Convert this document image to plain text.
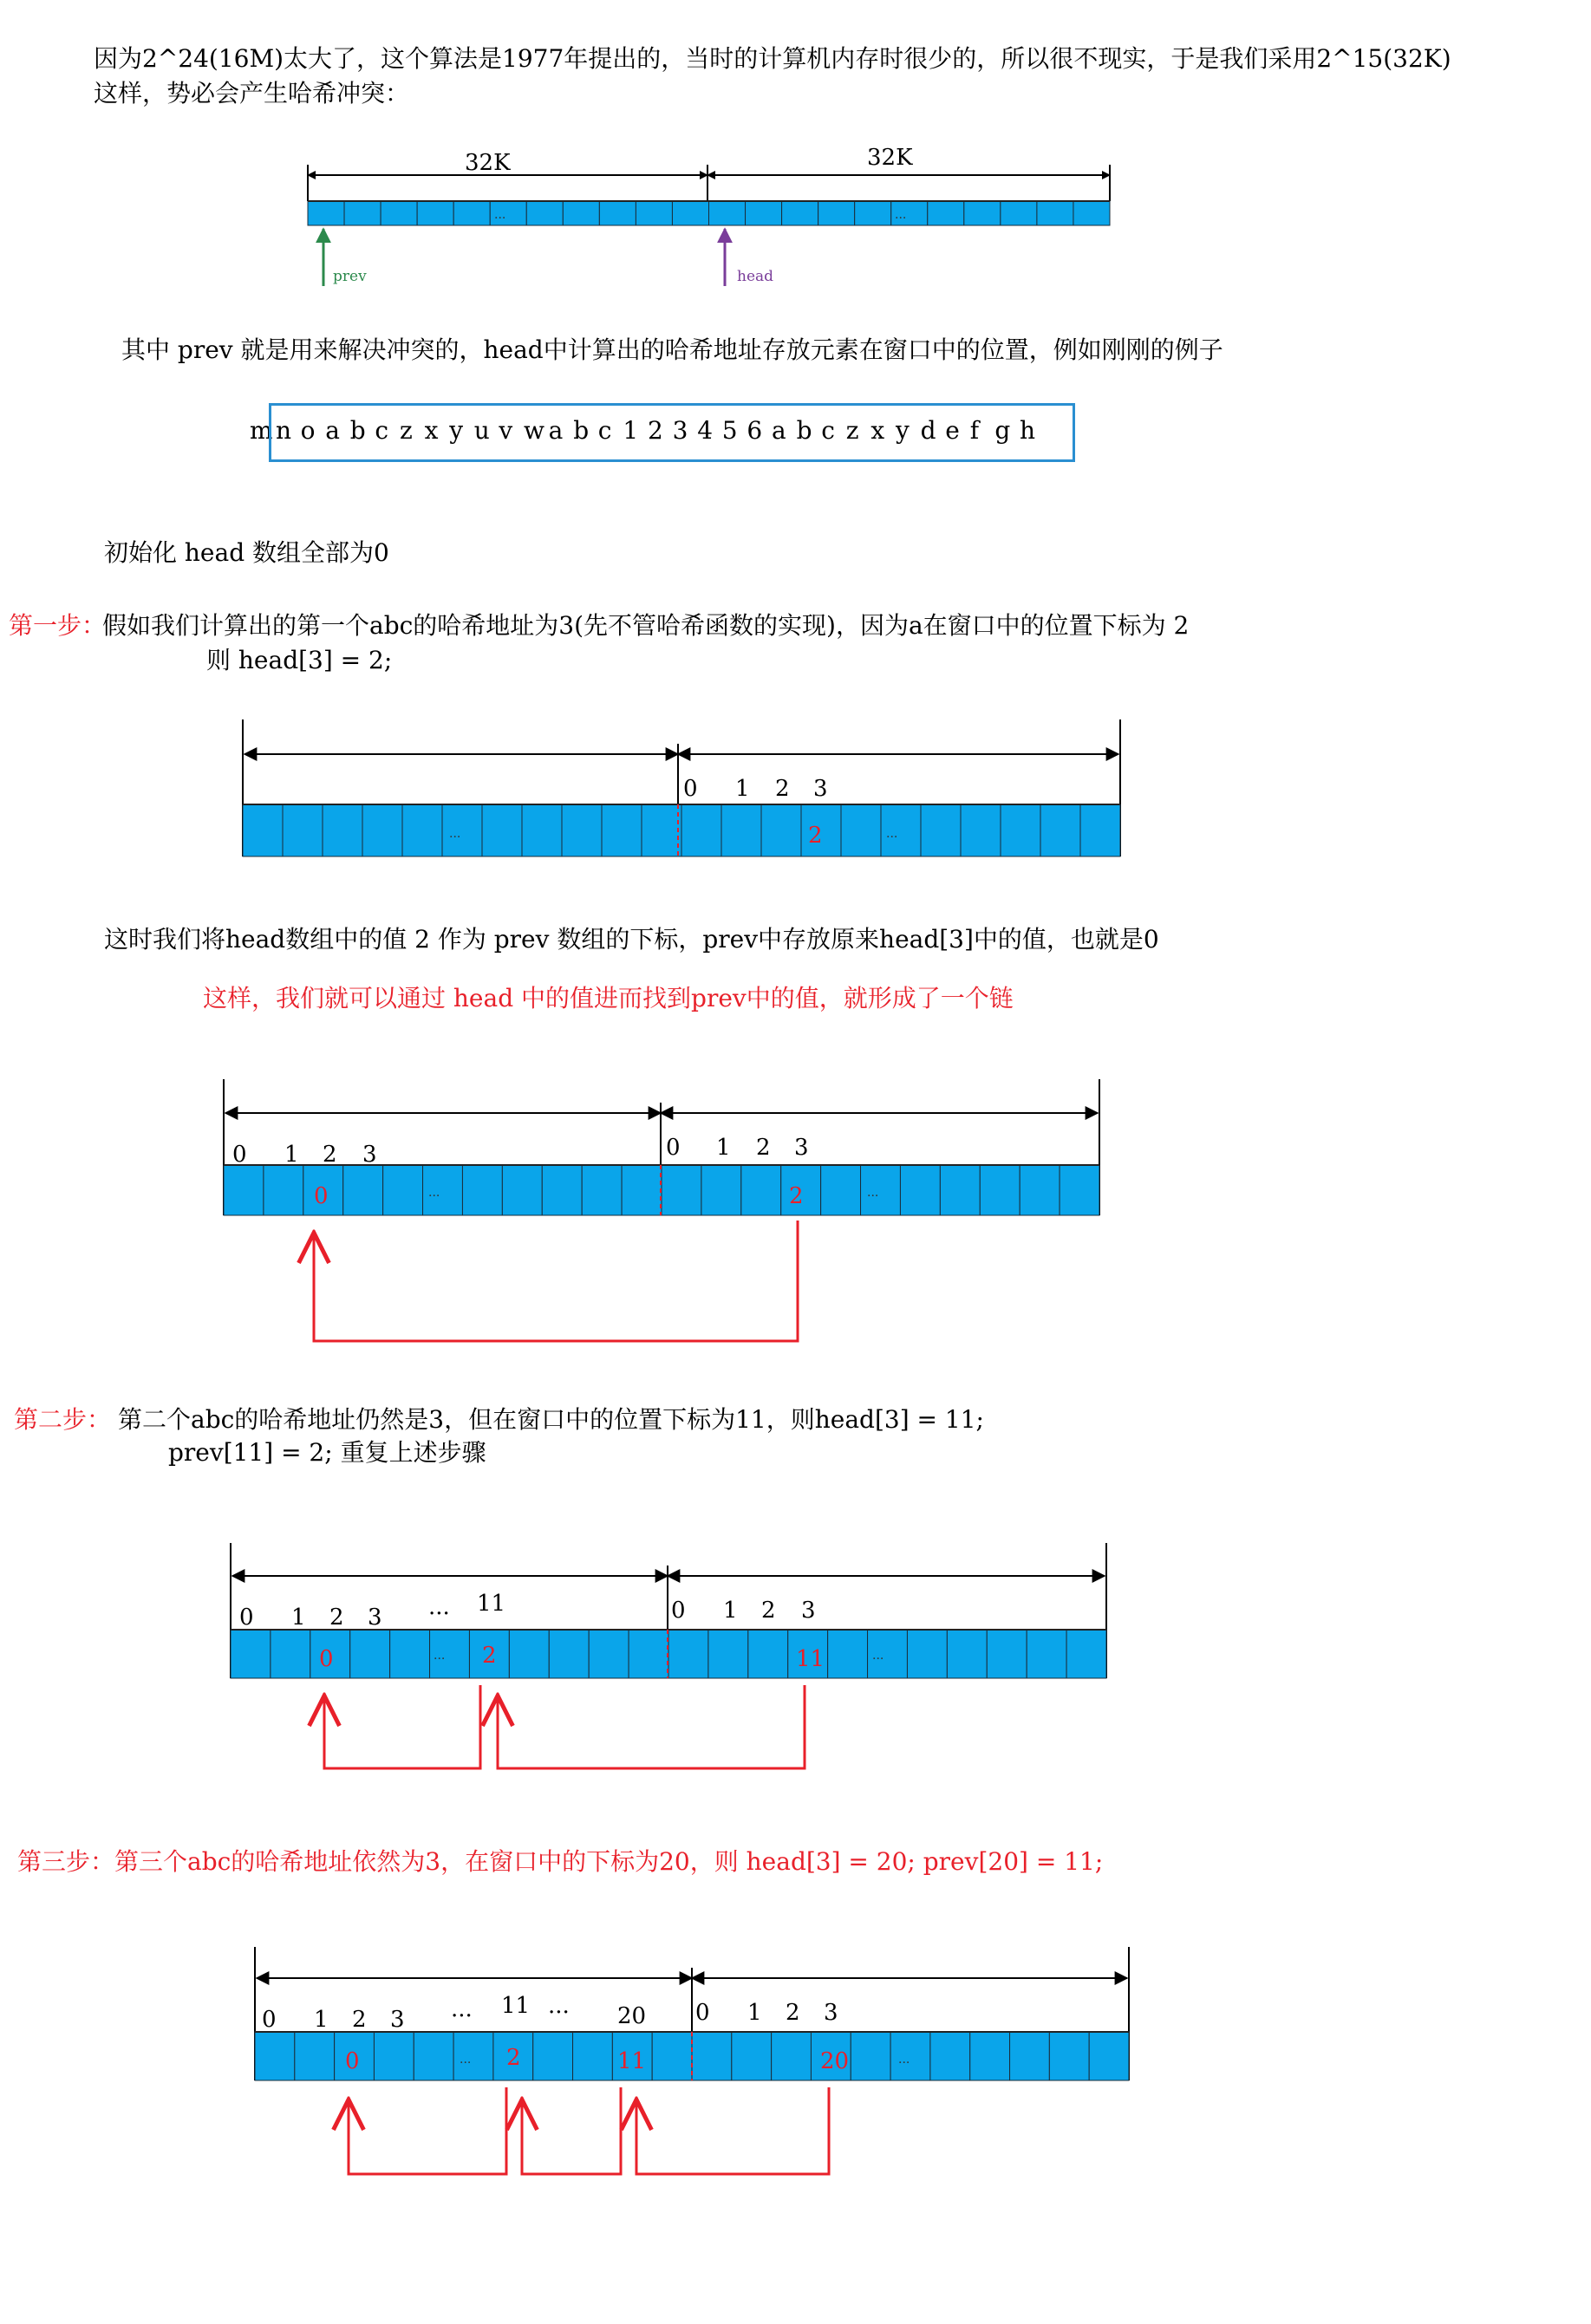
因为2^24(16M)太大了，这个算法是1977年提出的，当时的计算机内存时很少的，所以很不现实，于是我们采用2^15(32K)
这样，势必会产生哈希冲突：
其中 prev 就是用来解决冲突的，head中计算出的哈希地址存放元素在窗口中的位置，例如刚刚的例子
m n o a b c z x y u v w a b c 1 2 3 4 5 6 a b c z x y d e f g h
初始化 head 数组全部为0
第一步：
假如我们计算出的第一个abc的哈希地址为3(先不管哈希函数的实现)，因为a在窗口中的位置下标为 2
则 head[3] = 2;
这时我们将head数组中的值 2 作为 prev 数组的下标，prev中存放原来head[3]中的值，也就是0
这样，我们就可以通过 head 中的值进而找到prev中的值，就形成了一个链
第二步： 第二个abc的哈希地址仍然是3，但在窗口中的位置下标为11，则head[3] = 11;
prev[11] = 2; 重复上述步骤
第三步：第三个abc的哈希地址依然为3，在窗口中的下标为20，则 head[3] = 20; prev[20] = 11;
32K	32K
...	...
prev	head
0 1 2 3
2
...	...
0 1 2 3	0 1 2 3
0	2
...	...
0 1 2 3 ... 11	0 1 2 3
0	2	11
...	...
0 1 2 3 ... 11 ... 20 0 1 2 3
0	2	11	20
...	...
